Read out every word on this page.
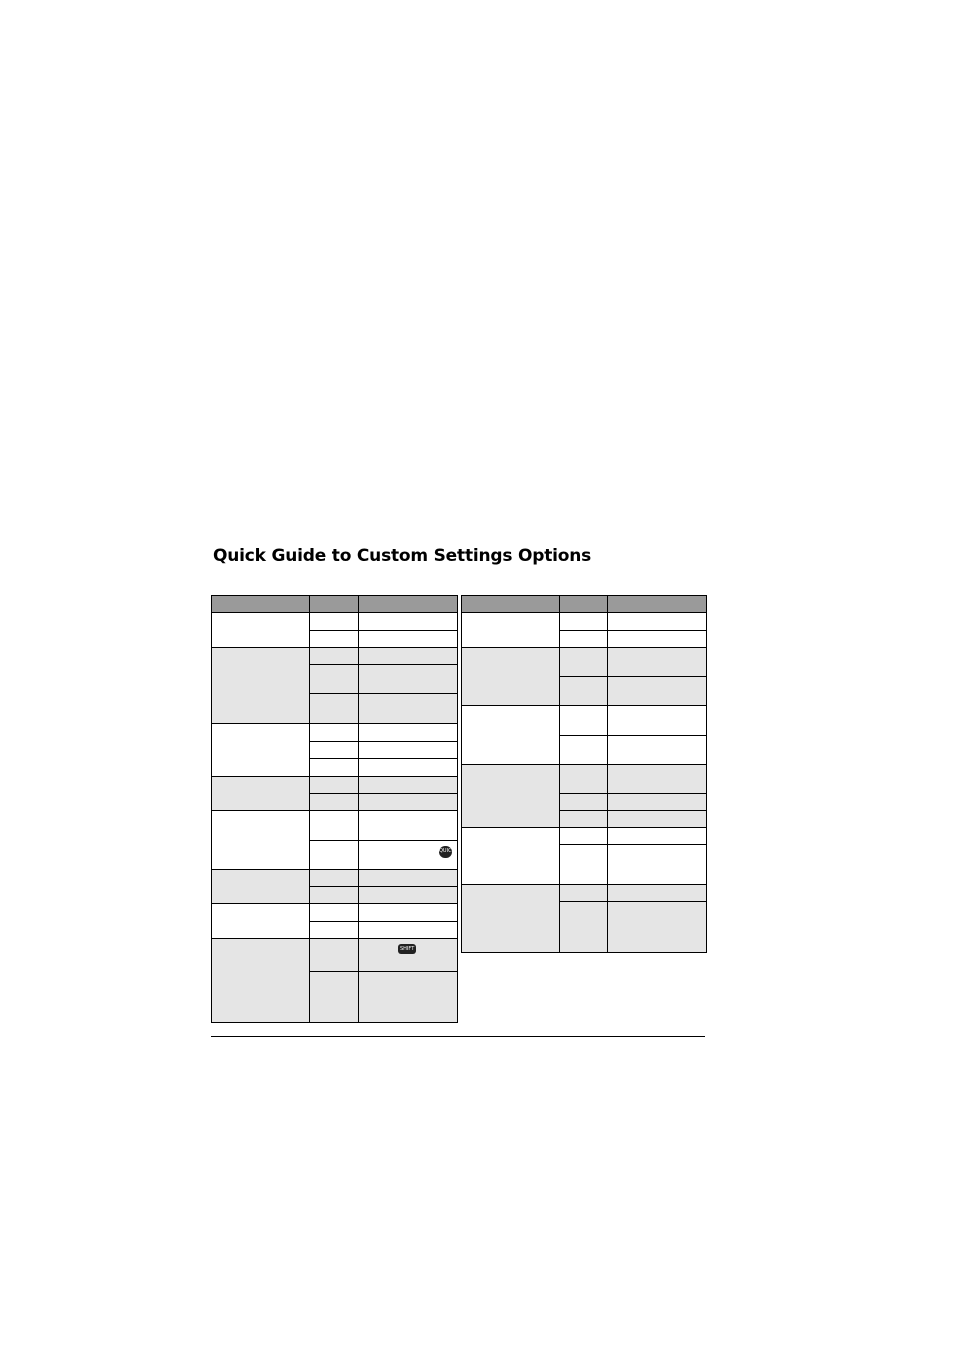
Quick Guide to Custom Settings Options

		QUICK

		SHIFT
